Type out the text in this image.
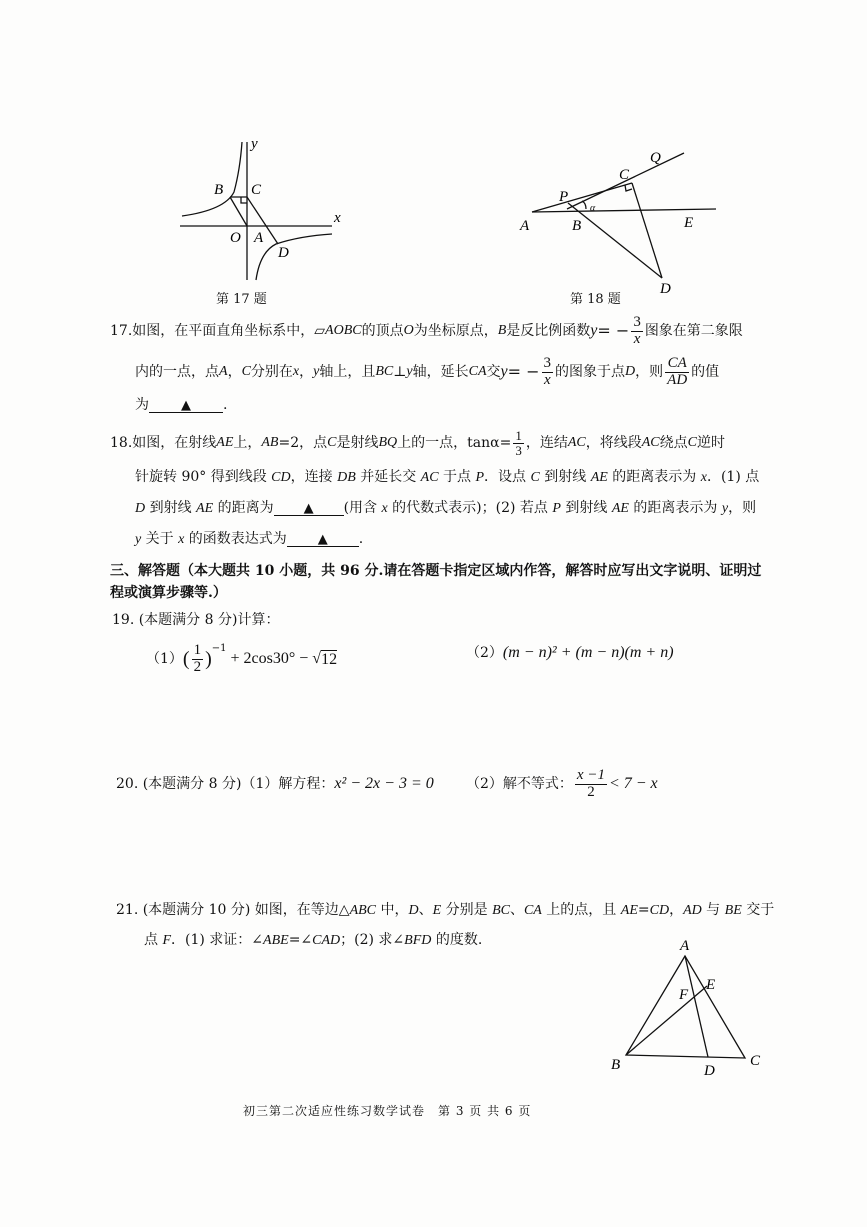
y
x
B C
O A
D
第 17 题
Q
C
P
α
A	B	E
D
第 18 题
17. 如图，在平面直角坐标系中， ▱ AOBC 的顶点 O 为坐标原点， B 是反比例函数 y = − $\frac{3}{x}$ 图象在第二象限
内的一点，点 A ， C 分别在 x ， y 轴上，且 BC ⊥ y 轴，延长 CA 交 y = − $\frac{3}{x}$ 的图象于点 D ，则 $\frac{CA}{AD}$ 的值
为 ▲ .
18. 如图，在射线 AE 上， AB =2，点 C 是射线 BQ 上的一点，$\tan\alpha= \frac{1}{3}$ ，连结 AC ，将线段 AC 绕点 C 逆时
针旋转 90° 得到线段 CD，连接 DB 并延长交 AC 于点 P．设点 C 到射线 AE 的距离表示为 x．(1) 点
D 到射线 AE 的距离为 ▲ (用含 x 的代数式表示)；(2) 若点 P 到射线 AE 的距离表示为 y，则
y 关于 x 的函数表达式为 ▲ .
三、解答题（本大题共 10 小题，共 96 分.请在答题卡指定区域内作答，解答时应写出文字说明、证明过
程或演算步骤等.）
19. (本题满分 8 分)计算：
（1） ( $\frac{1}{2} )^{-1}$
+ 2cos30° − √ 12	（2） (m − n)² + (m − n)(m + n)
20. (本题满分 8 分)（1）解方程： x² − 2x − 3 = 0 （2）解不等式： $\frac{x -1}{2} < 7 - x$
21. (本题满分 10 分) 如图，在等边△ABC 中，D、E 分别是 BC、CA 上的点，且 AE=CD，AD 与 BE 交于
点 F．(1) 求证：∠ABE=∠CAD；(2) 求∠BFD 的度数.	A
E
F
B	D
C
初三第二次适应性练习数学试卷　第 3 页 共 6 页
